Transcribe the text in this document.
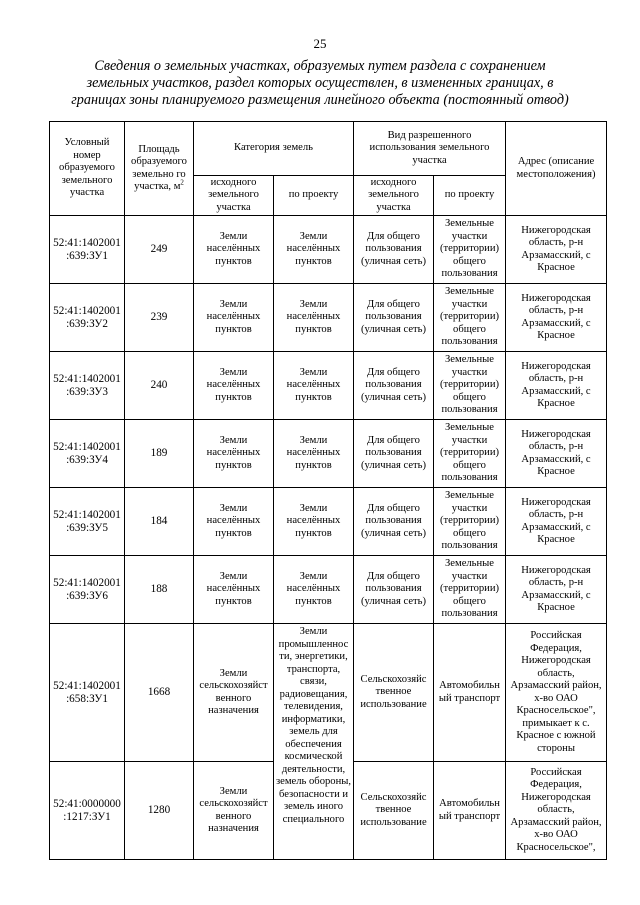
25
Сведения о земельных участках, образуемых путем раздела с сохранением
земельных участков, раздел которых осуществлен, в измененных границах, в
границах зоны планируемого размещения линейного объекта (постоянный отвод)
Условный номер образуемого земельного участка	Площадь образуемого земельно го участка, $м^2$	Категория земель		Вид разрешенного использования земельного участка		Адрес (описание местоположения)
		исходного земельного участка	по проекту	исходного земельного участка	по проекту	
52:41:1402001 :639:ЗУ1	249	Земли населённых пунктов	Земли населённых пунктов	Для общего пользования (уличная сеть)	Земельные участки (территории) общего пользования	Нижегородская область, р-н Арзамасский, с Красное
52:41:1402001 :639:ЗУ2	239	Земли населённых пунктов	Земли населённых пунктов	Для общего пользования (уличная сеть)	Земельные участки (территории) общего пользования	Нижегородская область, р-н Арзамасский, с Красное
52:41:1402001 :639:ЗУ3	240	Земли населённых пунктов	Земли населённых пунктов	Для общего пользования (уличная сеть)	Земельные участки (территории) общего пользования	Нижегородская область, р-н Арзамасский, с Красное
52:41:1402001 :639:ЗУ4	189	Земли населённых пунктов	Земли населённых пунктов	Для общего пользования (уличная сеть)	Земельные участки (территории) общего пользования	Нижегородская область, р-н Арзамасский, с Красное
52:41:1402001 :639:ЗУ5	184	Земли населённых пунктов	Земли населённых пунктов	Для общего пользования (уличная сеть)	Земельные участки (территории) общего пользования	Нижегородская область, р-н Арзамасский, с Красное
52:41:1402001 :639:ЗУ6	188	Земли населённых пунктов	Земли населённых пунктов	Для общего пользования (уличная сеть)	Земельные участки (территории) общего пользования	Нижегородская область, р-н Арзамасский, с Красное
52:41:1402001 :658:ЗУ1	1668	Земли сельскохозяйст венного назначения	Земли промышленнос ти, энергетики, транспорта, связи, радиовещания, телевидения, информатики, земель для обеспечения космической деятельности, земель обороны, безопасности и земель иного специального	Сельскохозяйс твенное использование	Автомобильн ый транспорт	Российская Федерация, Нижегородская область, Арзамасский район, х-во ОАО Красносельское", примыкает к с. Красное с южной стороны
52:41:0000000 :1217:ЗУ1	1280	Земли сельскохозяйст венного назначения		Сельскохозяйс твенное использование	Автомобильн ый транспорт	Российская Федерация, Нижегородская область, Арзамасский район, х-во ОАО Красносельское",
